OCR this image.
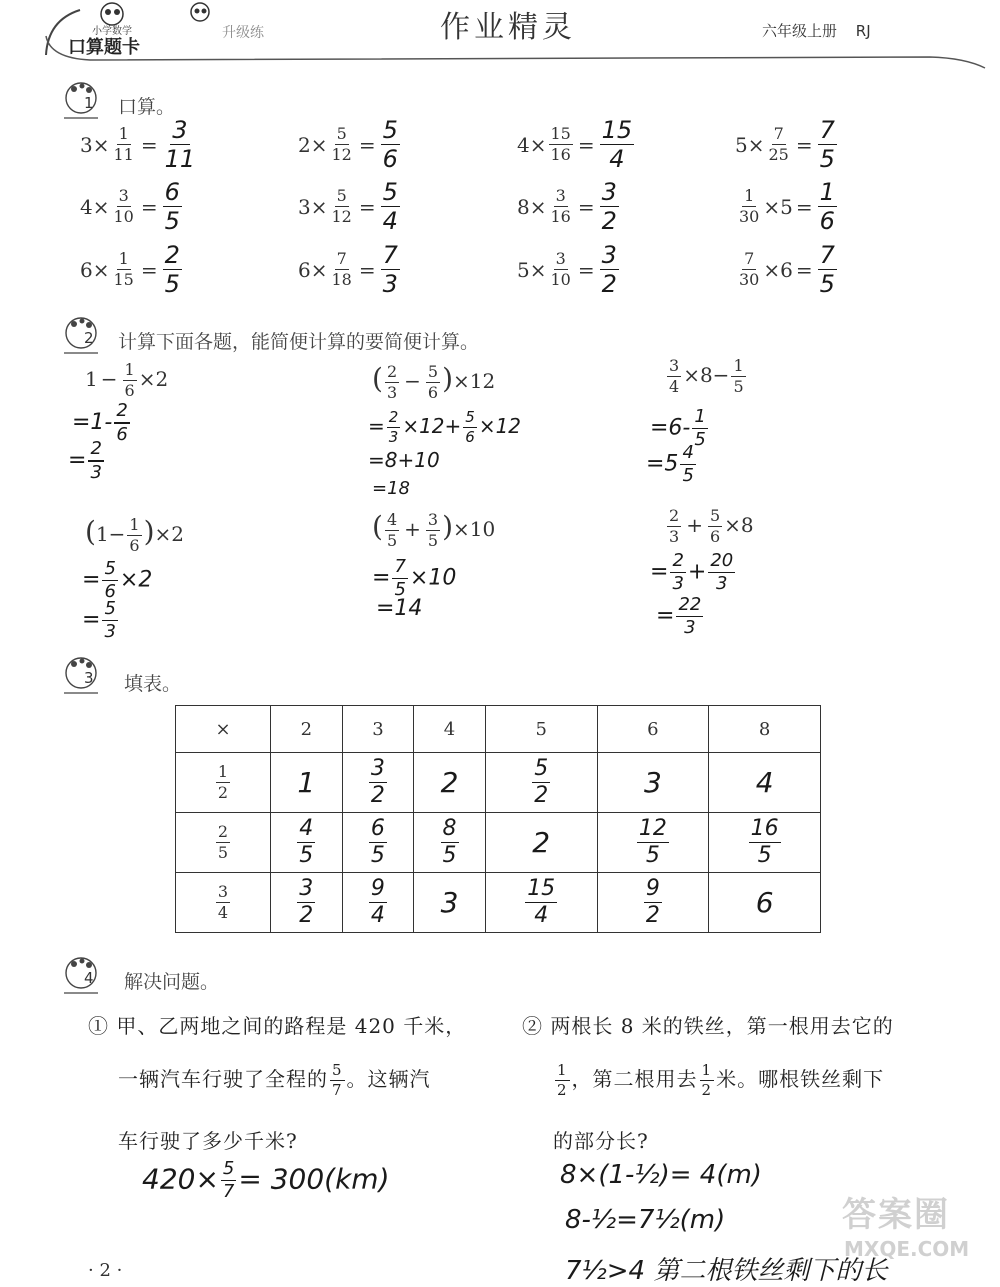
小学数学
口算题卡
升级练	作业精灵	六年级上册 RJ
1 口算。
$3 \times \frac{1}{11} = \frac{3}{11}$	$2 \times \frac{5}{12} = \frac{5}{6}$	$4 \times \frac{15}{16} = \frac{15}{4}$	$5 \times \frac{7}{25} = \frac{7}{5}$
$4 \times \frac{3}{10} = \frac{6}{5}$	$3 \times \frac{5}{12} = \frac{5}{4}$	$8 \times \frac{3}{16} = \frac{3}{2}$	$\frac{1}{30} \times 5 = \frac{1}{6}$
$6 \times \frac{1}{15} = \frac{2}{5}$	$6 \times \frac{7}{18} = \frac{7}{3}$	$5 \times \frac{3}{10} = \frac{3}{2}$	$\frac{7}{30} \times 6 = \frac{7}{5}$
2 计算下面各题，能简便计算的要简便计算。
$1 - \frac{1}{6} \times 2$
$=1- \frac{2}{6}$
= $\frac{2}{3}$
( $\frac{2}{3} - \frac{5}{6} )\times 12$
= $\frac{2}{3} \times 12+ \frac{5}{6} \times 12$
=8+10
=18
$\frac{3}{4} \times 8- \frac{1}{5}$
$=6- \frac{1}{5}$
$=5 \frac{4}{5}$
$(1- \frac{1}{6} )\times 2$
= $\frac{5}{6} \times 2$
= $\frac{5}{3}$
( $\frac{4}{5} + \frac{3}{5} )\times 10$
= $\frac{7}{5} \times 10$
=14
$\frac{2}{3} + \frac{5}{6} \times 8$
= $\frac{2}{3} + \frac{20}{3}$
= $\frac{22}{3}$
3 填表。
×	2	3	4	5	6	8

$\frac{1}{2}$	1	$\frac{3}{2}$	2	$\frac{5}{2}$	3	4

$\frac{2}{5}$	$\frac{4}{5}$	$\frac{6}{5}$	$\frac{8}{5}$	2	$\frac{12}{5}$	$\frac{16}{5}$

$\frac{3}{4}$	$\frac{3}{2}$	$\frac{9}{4}$	3	$\frac{15}{4}$	$\frac{9}{2}$	6
4 解决问题。
① 甲、乙两地之间的路程是 420 千米，
一辆汽车行驶了全程的 $\frac{5}{7}$ 。这辆汽
车行驶了多少千米?
$420\times \frac{5}{7} = 300(km)$
② 两根长 8 米的铁丝，第一根用去它的
$\frac{1}{2}$ ，第二根用去 $\frac{1}{2}$ 米。哪根铁丝剩下
的部分长?
8×(1-½)= 4(m)
8-½=7½(m)
7½>4 第二根铁丝剩下的长
· 2 ·
答案圈
MXQE.COM
